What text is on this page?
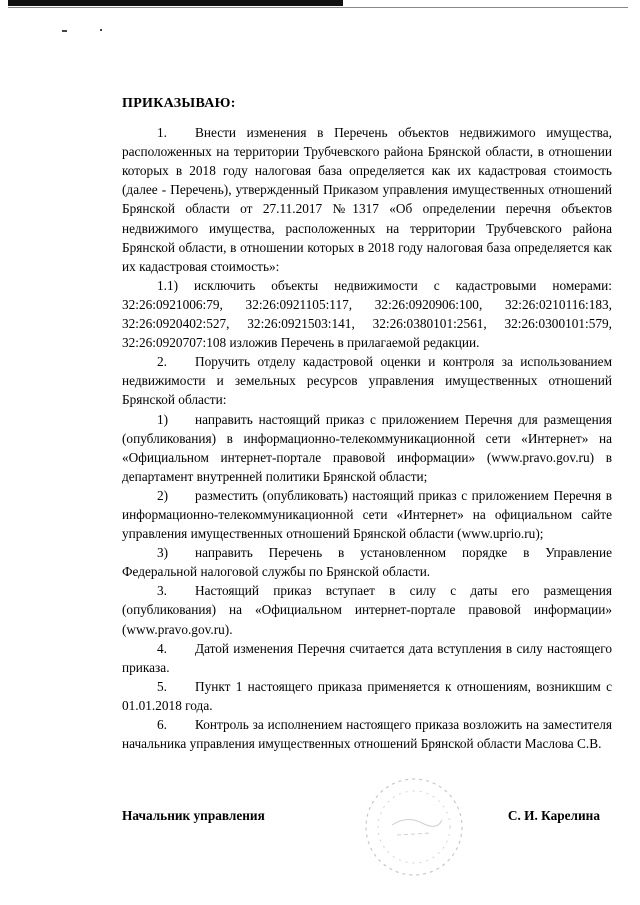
ПРИКАЗЫВАЮ:

1. Внести изменения в Перечень объектов недвижимого имущества, расположенных на территории Трубчевского района Брянской области, в отношении которых в 2018 году налоговая база определяется как их кадастровая стоимость (далее - Перечень), утвержденный Приказом управления имущественных отношений Брянской области от 27.11.2017 №1317 «Об определении перечня объектов недвижимого имущества, расположенных на территории Трубчевского района Брянской области, в отношении которых в 2018 году налоговая база определяется как их кадастровая стоимость»:

1.1) исключить объекты недвижимости с кадастровыми номерами: 32:26:0921006:79, 32:26:0921105:117, 32:26:0920906:100, 32:26:0210116:183, 32:26:0920402:527, 32:26:0921503:141, 32:26:0380101:2561, 32:26:0300101:579, 32:26:0920707:108 изложив Перечень в прилагаемой редакции.

2. Поручить отделу кадастровой оценки и контроля за использованием недвижимости и земельных ресурсов управления имущественных отношений Брянской области:

1) направить настоящий приказ с приложением Перечня для размещения (опубликования) в информационно-телекоммуникационной сети «Интернет» на «Официальном интернет-портале правовой информации» (www.pravo.gov.ru) в департамент внутренней политики Брянской области;

2) разместить (опубликовать) настоящий приказ с приложением Перечня в информационно-телекоммуникационной сети «Интернет» на официальном сайте управления имущественных отношений Брянской области (www.uprio.ru);

3) направить Перечень в установленном порядке в Управление Федеральной налоговой службы по Брянской области.

3. Настоящий приказ вступает в силу с даты его размещения (опубликования) на «Официальном интернет-портале правовой информации» (www.pravo.gov.ru).

4. Датой изменения Перечня считается дата вступления в силу настоящего приказа.

5. Пункт 1 настоящего приказа применяется к отношениям, возникшим с 01.01.2018 года.

6. Контроль за исполнением настоящего приказа возложить на заместителя начальника управления имущественных отношений Брянской области Маслова С.В.

Начальник управления	С. И. Карелина
